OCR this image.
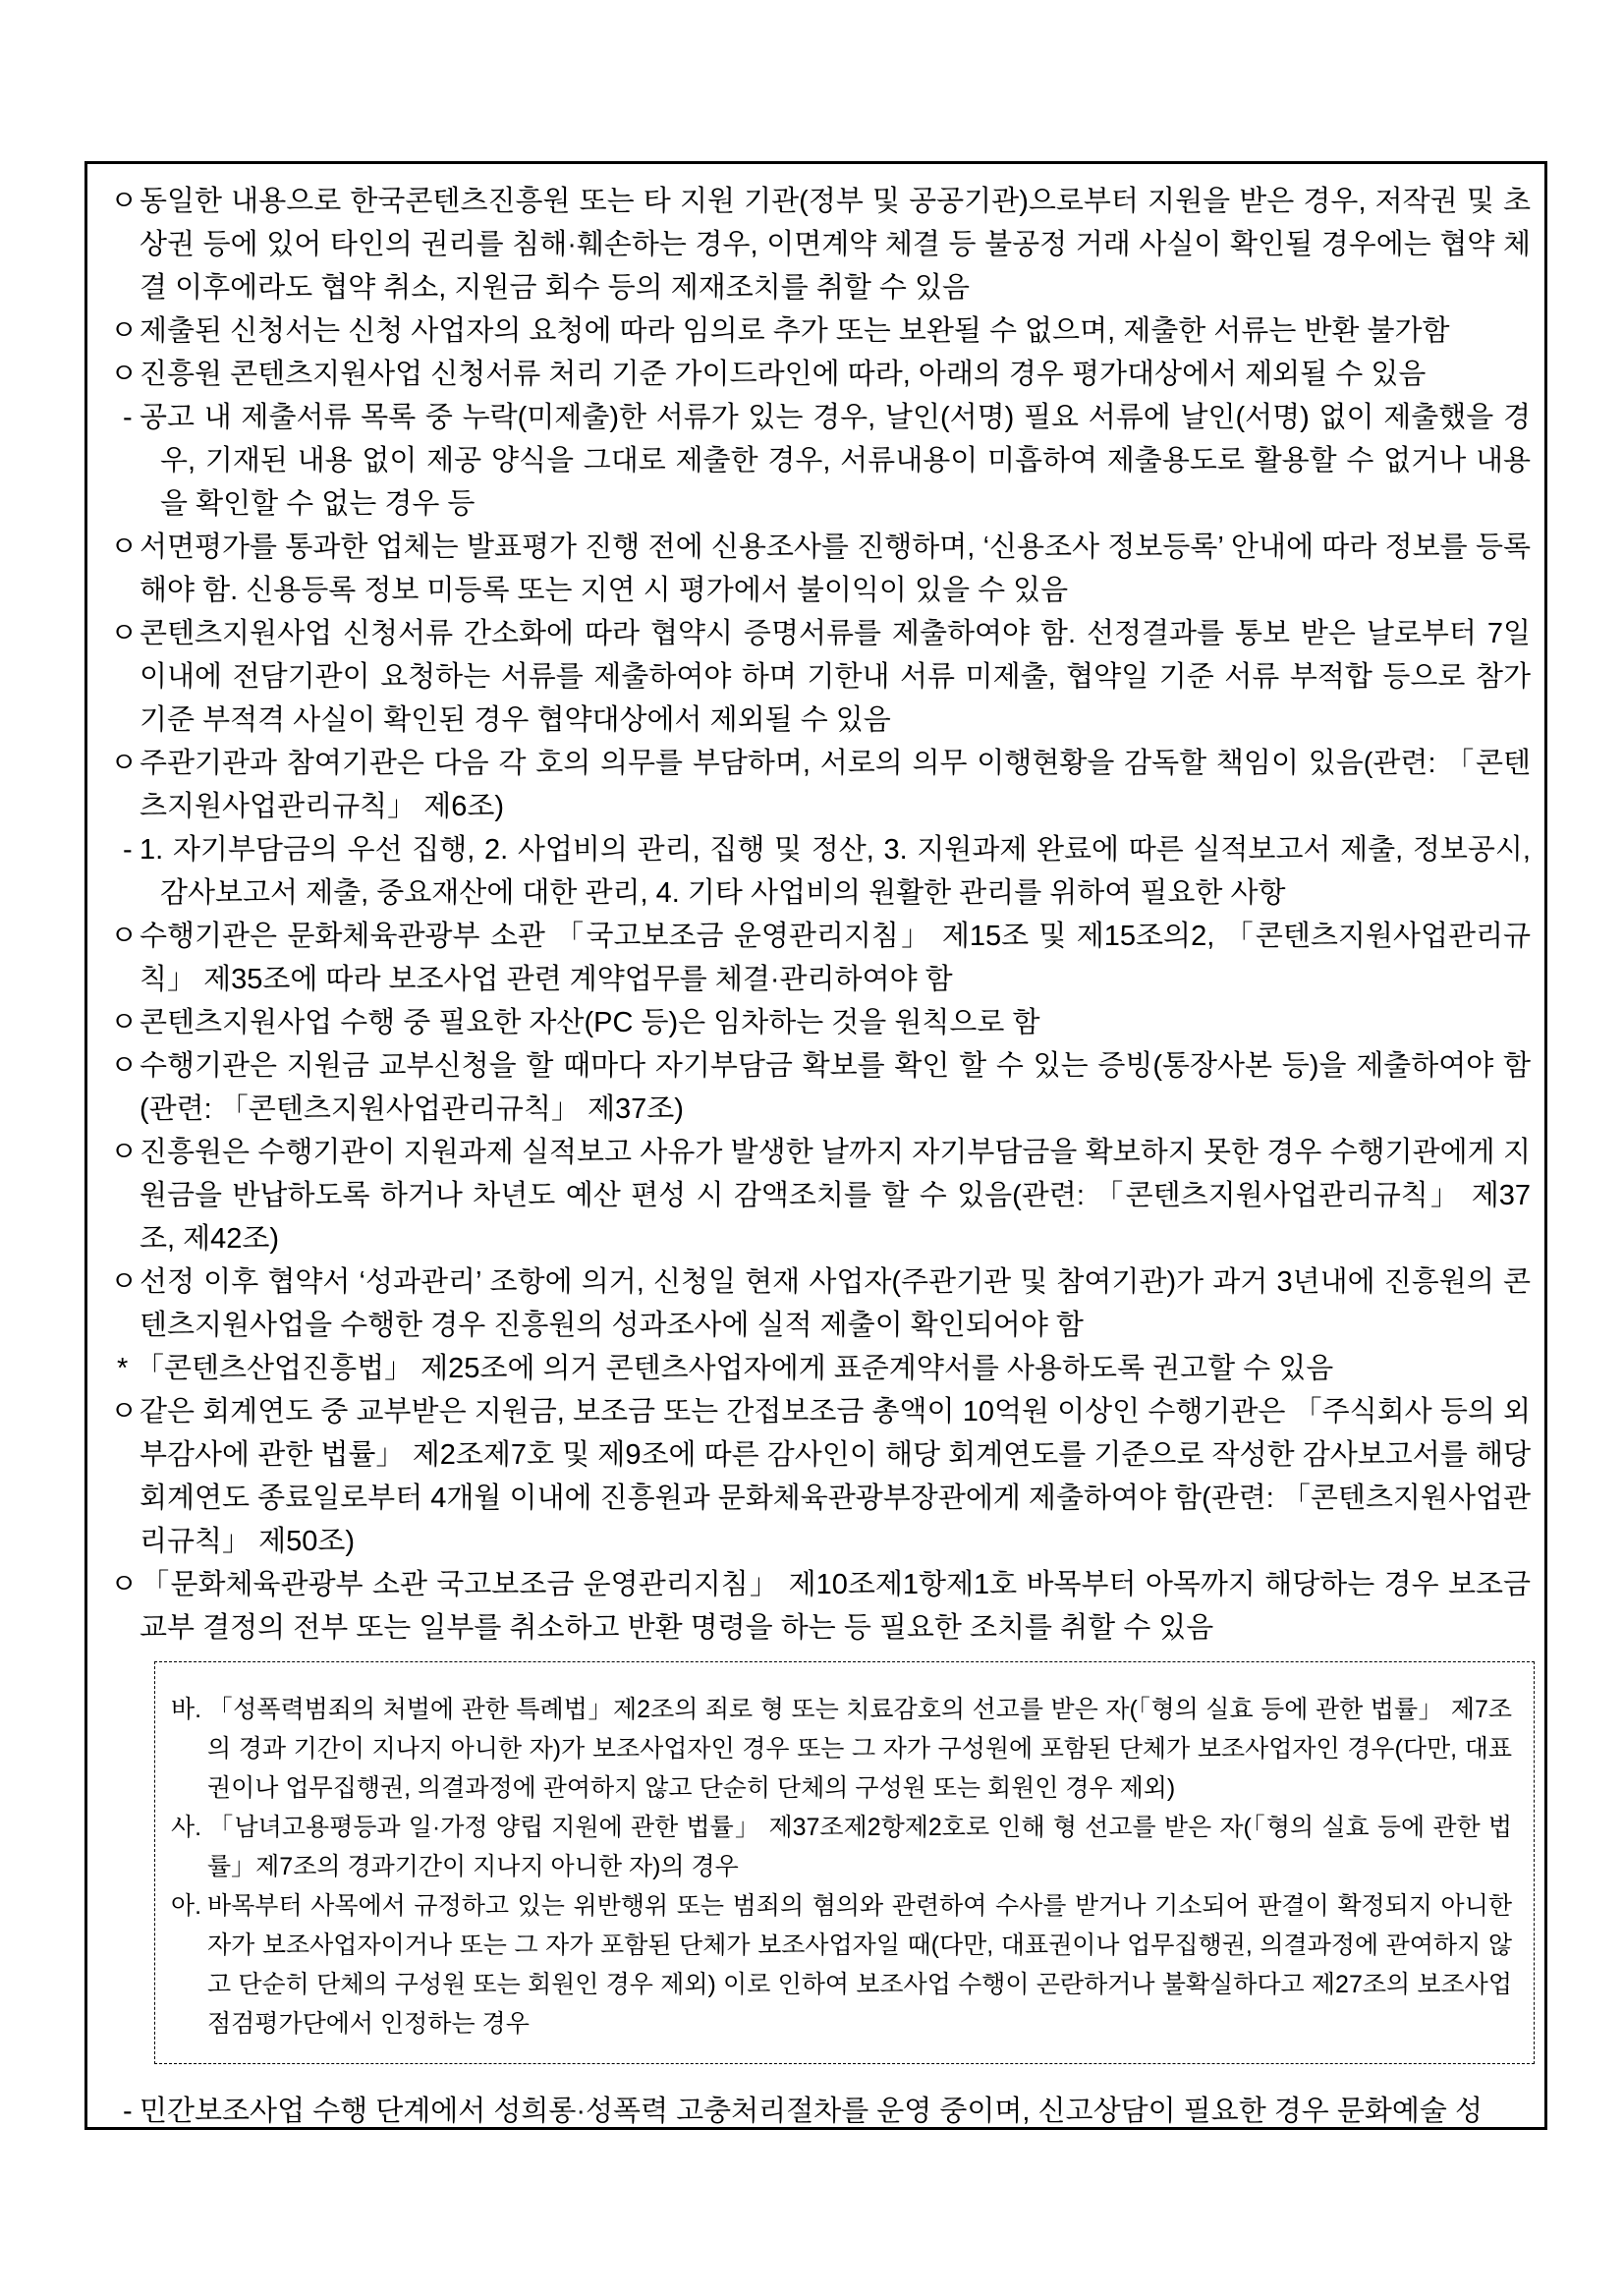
ㅇ동일한 내용으로 한국콘텐츠진흥원 또는 타 지원 기관(정부 및 공공기관)으로부터 지원을 받은 경우, 저작권 및 초상권 등에 있어 타인의 권리를 침해·훼손하는 경우, 이면계약 체결 등 불공정 거래 사실이 확인될 경우에는 협약 체결 이후에라도 협약 취소, 지원금 회수 등의 제재조치를 취할 수 있음

ㅇ제출된 신청서는 신청 사업자의 요청에 따라 임의로 추가 또는 보완될 수 없으며, 제출한 서류는 반환 불가함

ㅇ진흥원 콘텐츠지원사업 신청서류 처리 기준 가이드라인에 따라, 아래의 경우 평가대상에서 제외될 수 있음

- 공고 내 제출서류 목록 중 누락(미제출)한 서류가 있는 경우, 날인(서명) 필요 서류에 날인(서명) 없이 제출했을 경우, 기재된 내용 없이 제공 양식을 그대로 제출한 경우, 서류내용이 미흡하여 제출용도로 활용할 수 없거나 내용을 확인할 수 없는 경우 등

ㅇ서면평가를 통과한 업체는 발표평가 진행 전에 신용조사를 진행하며, ‘신용조사 정보등록’ 안내에 따라 정보를 등록해야 함. 신용등록 정보 미등록 또는 지연 시 평가에서 불이익이 있을 수 있음

ㅇ콘텐츠지원사업 신청서류 간소화에 따라 협약시 증명서류를 제출하여야 함. 선정결과를 통보 받은 날로부터 7일 이내에 전담기관이 요청하는 서류를 제출하여야 하며 기한내 서류 미제출, 협약일 기준 서류 부적합 등으로 참가 기준 부적격 사실이 확인된 경우 협약대상에서 제외될 수 있음

ㅇ주관기관과 참여기관은 다음 각 호의 의무를 부담하며, 서로의 의무 이행현황을 감독할 책임이 있음(관련: 「콘텐츠지원사업관리규칙」 제6조)

- 1. 자기부담금의 우선 집행, 2. 사업비의 관리, 집행 및 정산, 3. 지원과제 완료에 따른 실적보고서 제출, 정보공시, 감사보고서 제출, 중요재산에 대한 관리, 4. 기타 사업비의 원활한 관리를 위하여 필요한 사항

ㅇ수행기관은 문화체육관광부 소관 「국고보조금 운영관리지침」 제15조 및 제15조의2, 「콘텐츠지원사업관리규칙」 제35조에 따라 보조사업 관련 계약업무를 체결·관리하여야 함

ㅇ콘텐츠지원사업 수행 중 필요한 자산(PC 등)은 임차하는 것을 원칙으로 함

ㅇ수행기관은 지원금 교부신청을 할 때마다 자기부담금 확보를 확인 할 수 있는 증빙(통장사본 등)을 제출하여야 함(관련: 「콘텐츠지원사업관리규칙」 제37조)

ㅇ진흥원은 수행기관이 지원과제 실적보고 사유가 발생한 날까지 자기부담금을 확보하지 못한 경우 수행기관에게 지원금을 반납하도록 하거나 차년도 예산 편성 시 감액조치를 할 수 있음(관련: 「콘텐츠지원사업관리규칙」 제37조, 제42조)

ㅇ선정 이후 협약서 ‘성과관리’ 조항에 의거, 신청일 현재 사업자(주관기관 및 참여기관)가 과거 3년내에 진흥원의 콘텐츠지원사업을 수행한 경우 진흥원의 성과조사에 실적 제출이 확인되어야 함

* 「콘텐츠산업진흥법」 제25조에 의거 콘텐츠사업자에게 표준계약서를 사용하도록 권고할 수 있음

ㅇ같은 회계연도 중 교부받은 지원금, 보조금 또는 간접보조금 총액이 10억원 이상인 수행기관은 「주식회사 등의 외부감사에 관한 법률」 제2조제7호 및 제9조에 따른 감사인이 해당 회계연도를 기준으로 작성한 감사보고서를 해당 회계연도 종료일로부터 4개월 이내에 진흥원과 문화체육관광부장관에게 제출하여야 함(관련: 「콘텐츠지원사업관리규칙」 제50조)

ㅇ「문화체육관광부 소관 국고보조금 운영관리지침」 제10조제1항제1호 바목부터 아목까지 해당하는 경우 보조금 교부 결정의 전부 또는 일부를 취소하고 반환 명령을 하는 등 필요한 조치를 취할 수 있음

바. 「성폭력범죄의 처벌에 관한 특례법」제2조의 죄로 형 또는 치료감호의 선고를 받은 자(「형의 실효 등에 관한 법률」 제7조의 경과 기간이 지나지 아니한 자)가 보조사업자인 경우 또는 그 자가 구성원에 포함된 단체가 보조사업자인 경우(다만, 대표권이나 업무집행권, 의결과정에 관여하지 않고 단순히 단체의 구성원 또는 회원인 경우 제외)

사. 「남녀고용평등과 일·가정 양립 지원에 관한 법률」 제37조제2항제2호로 인해 형 선고를 받은 자(「형의 실효 등에 관한 법률」제7조의 경과기간이 지나지 아니한 자)의 경우

아. 바목부터 사목에서 규정하고 있는 위반행위 또는 범죄의 혐의와 관련하여 수사를 받거나 기소되어 판결이 확정되지 아니한 자가 보조사업자이거나 또는 그 자가 포함된 단체가 보조사업자일 때(다만, 대표권이나 업무집행권, 의결과정에 관여하지 않고 단순히 단체의 구성원 또는 회원인 경우 제외) 이로 인하여 보조사업 수행이 곤란하거나 불확실하다고 제27조의 보조사업점검평가단에서 인정하는 경우

- 민간보조사업 수행 단계에서 성희롱·성폭력 고충처리절차를 운영 중이며, 신고상담이 필요한 경우 문화예술 성
